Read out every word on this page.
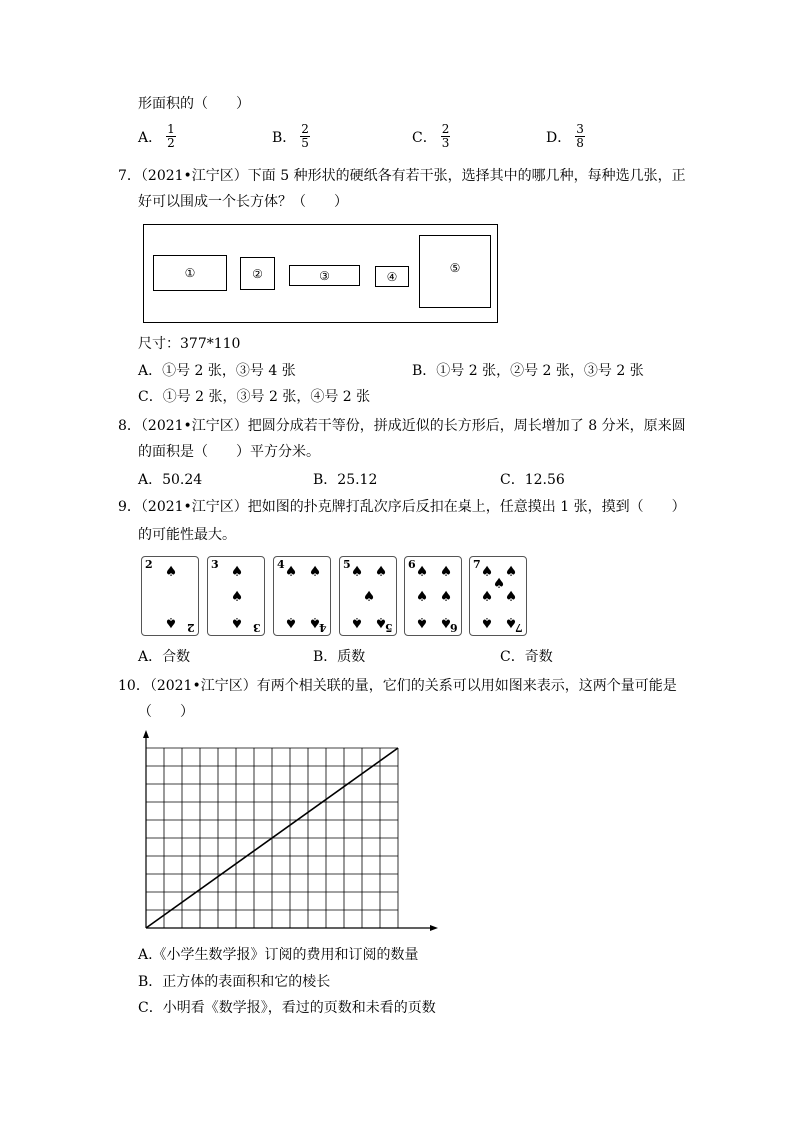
形面积的（　　）
A． $\frac{1}{2}$	B． $\frac{2}{5}$	C． $\frac{2}{3}$	D． $\frac{3}{8}$
7．（2021•江宁区）下面 5 种形状的硬纸各有若干张，选择其中的哪几种，每种选几张，正
好可以围成一个长方体？（　　）
①	②	③	④
⑤
尺寸：377*110
A．①号 2 张，③号 4 张	B．①号 2 张，②号 2 张，③号 2 张
C．①号 2 张，③号 2 张，④号 2 张
8．（2021•江宁区）把圆分成若干等份，拼成近似的长方形后，周长增加了 8 分米，原来圆
的面积是（　　）平方分米。
A．50.24	B．25.12	C．12.56
9．（2021•江宁区）把如图的扑克牌打乱次序后反扣在桌上，任意摸出 1 张，摸到（　　）
的可能性最大。
2
2
♠
♠
3
3
♠
♠
♠
4
4
♠ ♠
♠ ♠
5
5
♠ ♠
♠
♠ ♠
6
6
♠ ♠
♠ ♠
♠ ♠
7
7
♠ ♠
♠
♠ ♠
♠ ♠
A．合数	B．质数	C．奇数
10．（2021•江宁区）有两个相关联的量，它们的关系可以用如图来表示，这两个量可能是
（　　）
A.《小学生数学报》订阅的费用和订阅的数量
B．正方体的表面积和它的棱长
C．小明看《数学报》，看过的页数和未看的页数
